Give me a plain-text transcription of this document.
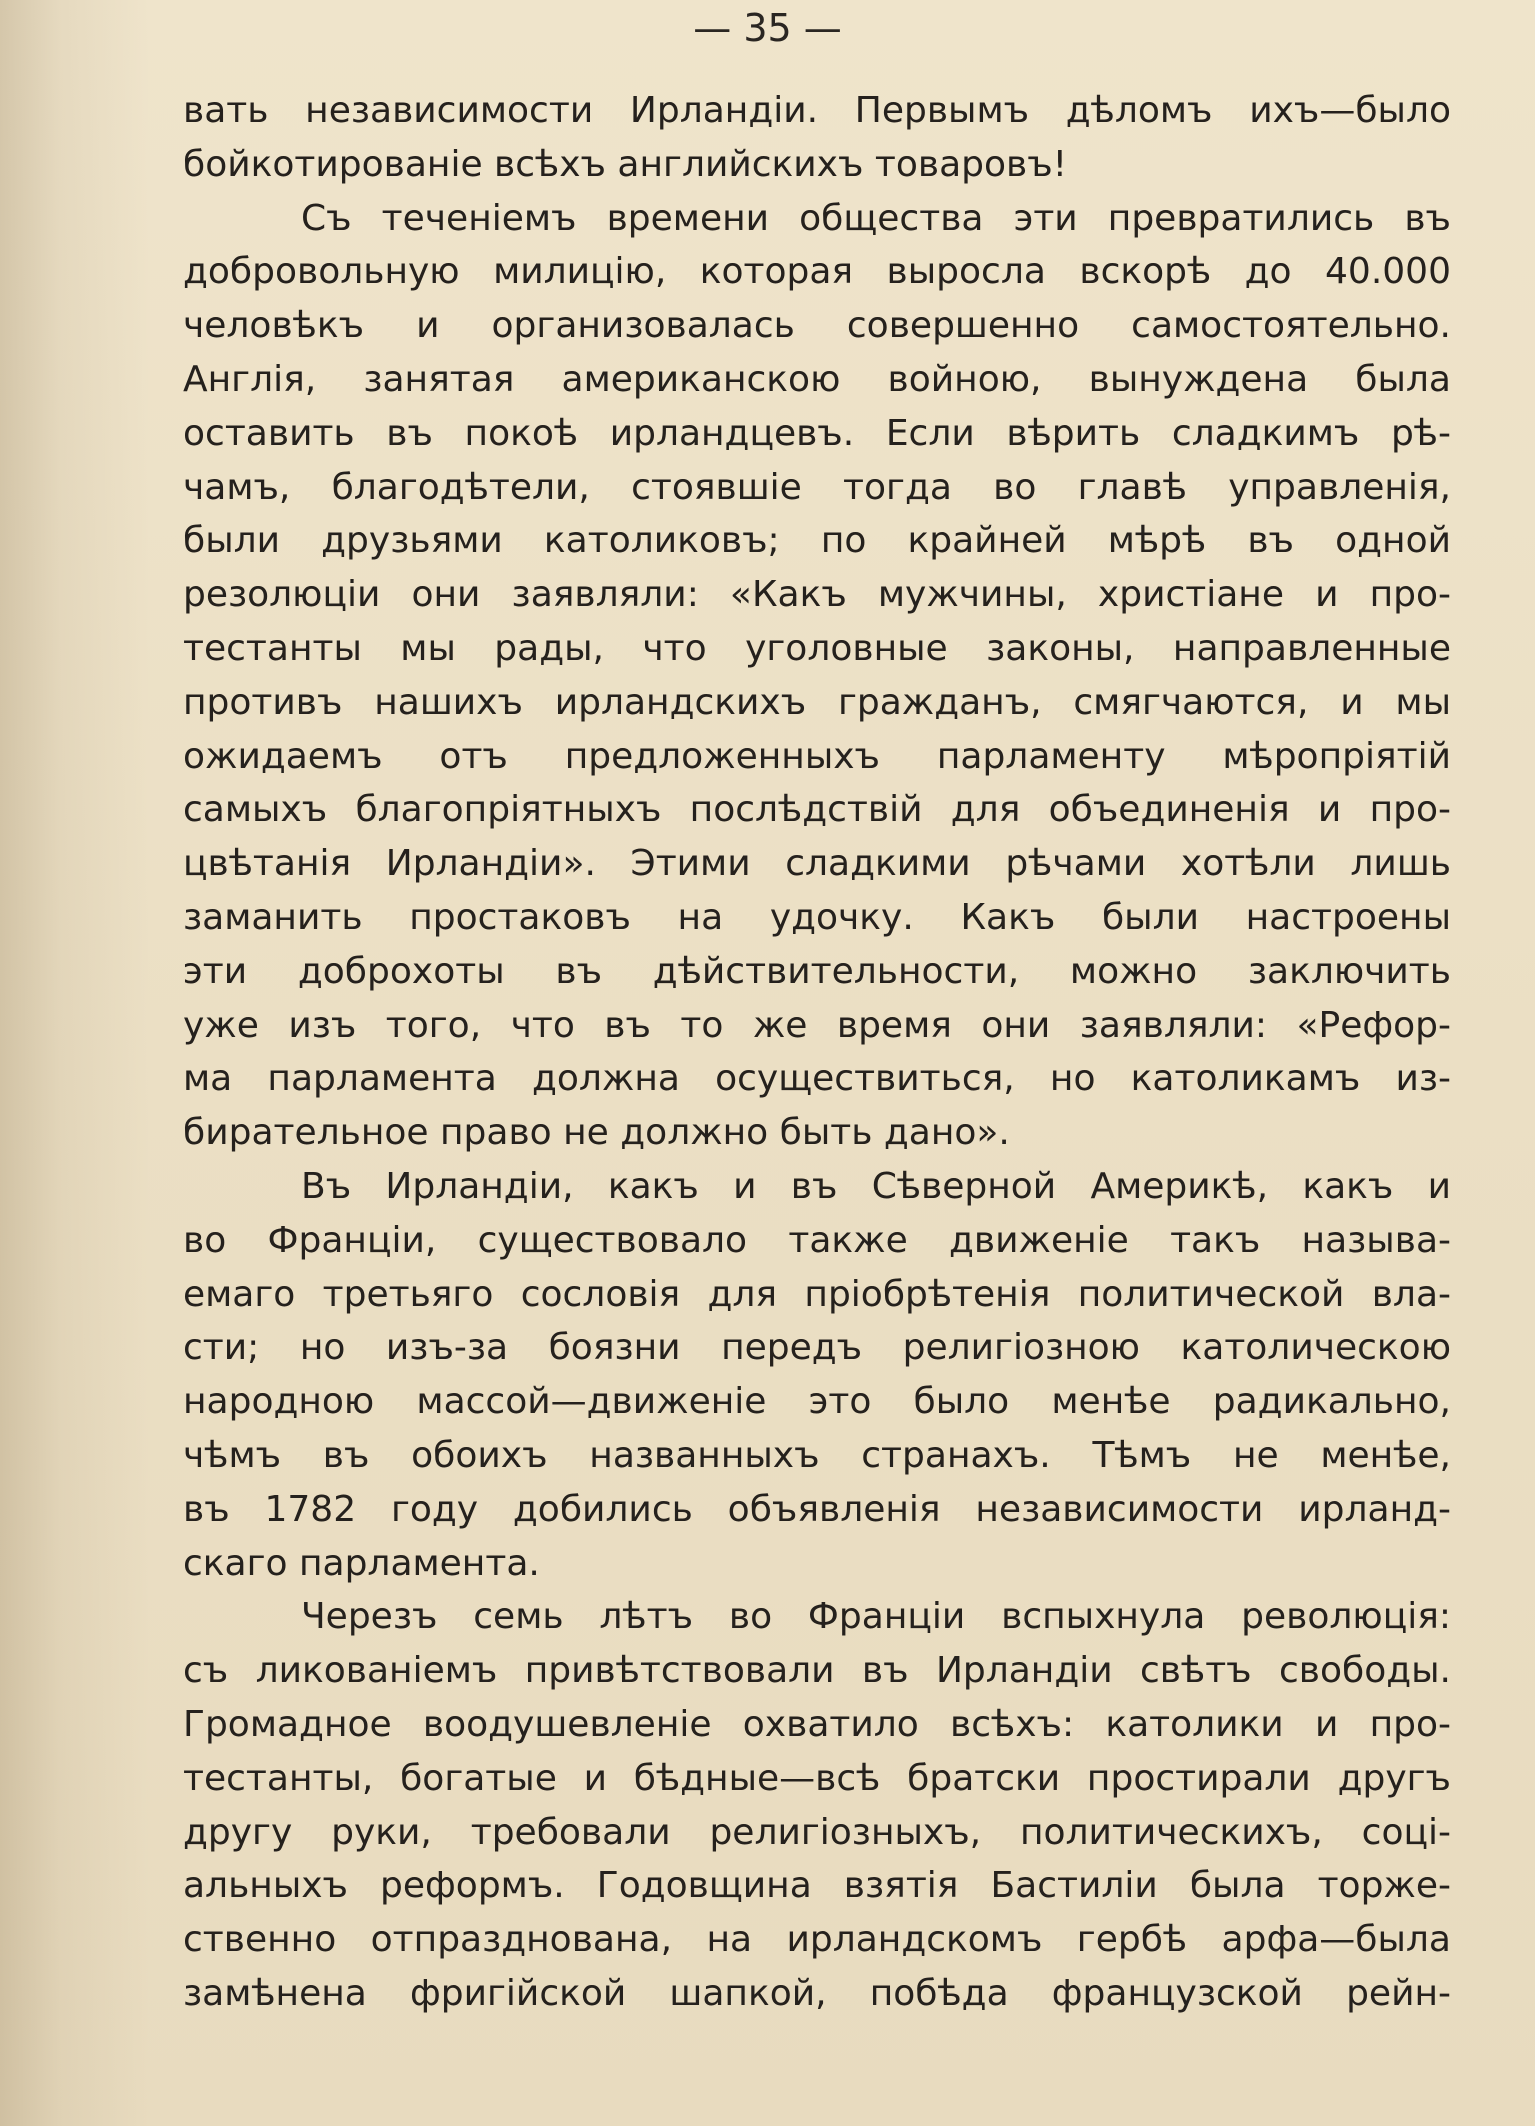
— 35 —
вать независимости Ирландіи. Первымъ дѣломъ ихъ—было
бойкотированіе всѣхъ английскихъ товаровъ!
Съ теченіемъ времени общества эти превратились въ
добровольную милицію, которая выросла вскорѣ до 40.000
человѣкъ и организовалась совершенно самостоятельно.
Англія, занятая американскою войною, вынуждена была
оставить въ покоѣ ирландцевъ. Если вѣрить сладкимъ рѣ-
чамъ, благодѣтели, стоявшіе тогда во главѣ управленія,
были друзьями католиковъ; по крайней мѣрѣ въ одной
резолюціи они заявляли: «Какъ мужчины, христіане и про-
тестанты мы рады, что уголовные законы, направленные
противъ нашихъ ирландскихъ гражданъ, смягчаются, и мы
ожидаемъ отъ предложенныхъ парламенту мѣропріятій
самыхъ благопріятныхъ послѣдствій для объединенія и про-
цвѣтанія Ирландіи». Этими сладкими рѣчами хотѣли лишь
заманить простаковъ на удочку. Какъ были настроены
эти доброхоты въ дѣйствительности, можно заключить
уже изъ того, что въ то же время они заявляли: «Рефор-
ма парламента должна осуществиться, но католикамъ из-
бирательное право не должно быть дано».
Въ Ирландіи, какъ и въ Сѣверной Америкѣ, какъ и
во Франціи, существовало также движеніе такъ называ-
емаго третьяго сословія для пріобрѣтенія политической вла-
сти; но изъ-за боязни передъ религіозною католическою
народною массой—движеніе это было менѣе радикально,
чѣмъ въ обоихъ названныхъ странахъ. Тѣмъ не менѣе,
въ 1782 году добились объявленія независимости ирланд-
скаго парламента.
Черезъ семь лѣтъ во Франціи вспыхнула революція:
съ ликованіемъ привѣтствовали въ Ирландіи свѣтъ свободы.
Громадное воодушевленіе охватило всѣхъ: католики и про-
тестанты, богатые и бѣдные—всѣ братски простирали другъ
другу руки, требовали религіозныхъ, политическихъ, соці-
альныхъ реформъ. Годовщина взятія Бастиліи была торже-
ственно отпразднована, на ирландскомъ гербѣ арфа—была
замѣнена фригійской шапкой, побѣда французской рейн-
